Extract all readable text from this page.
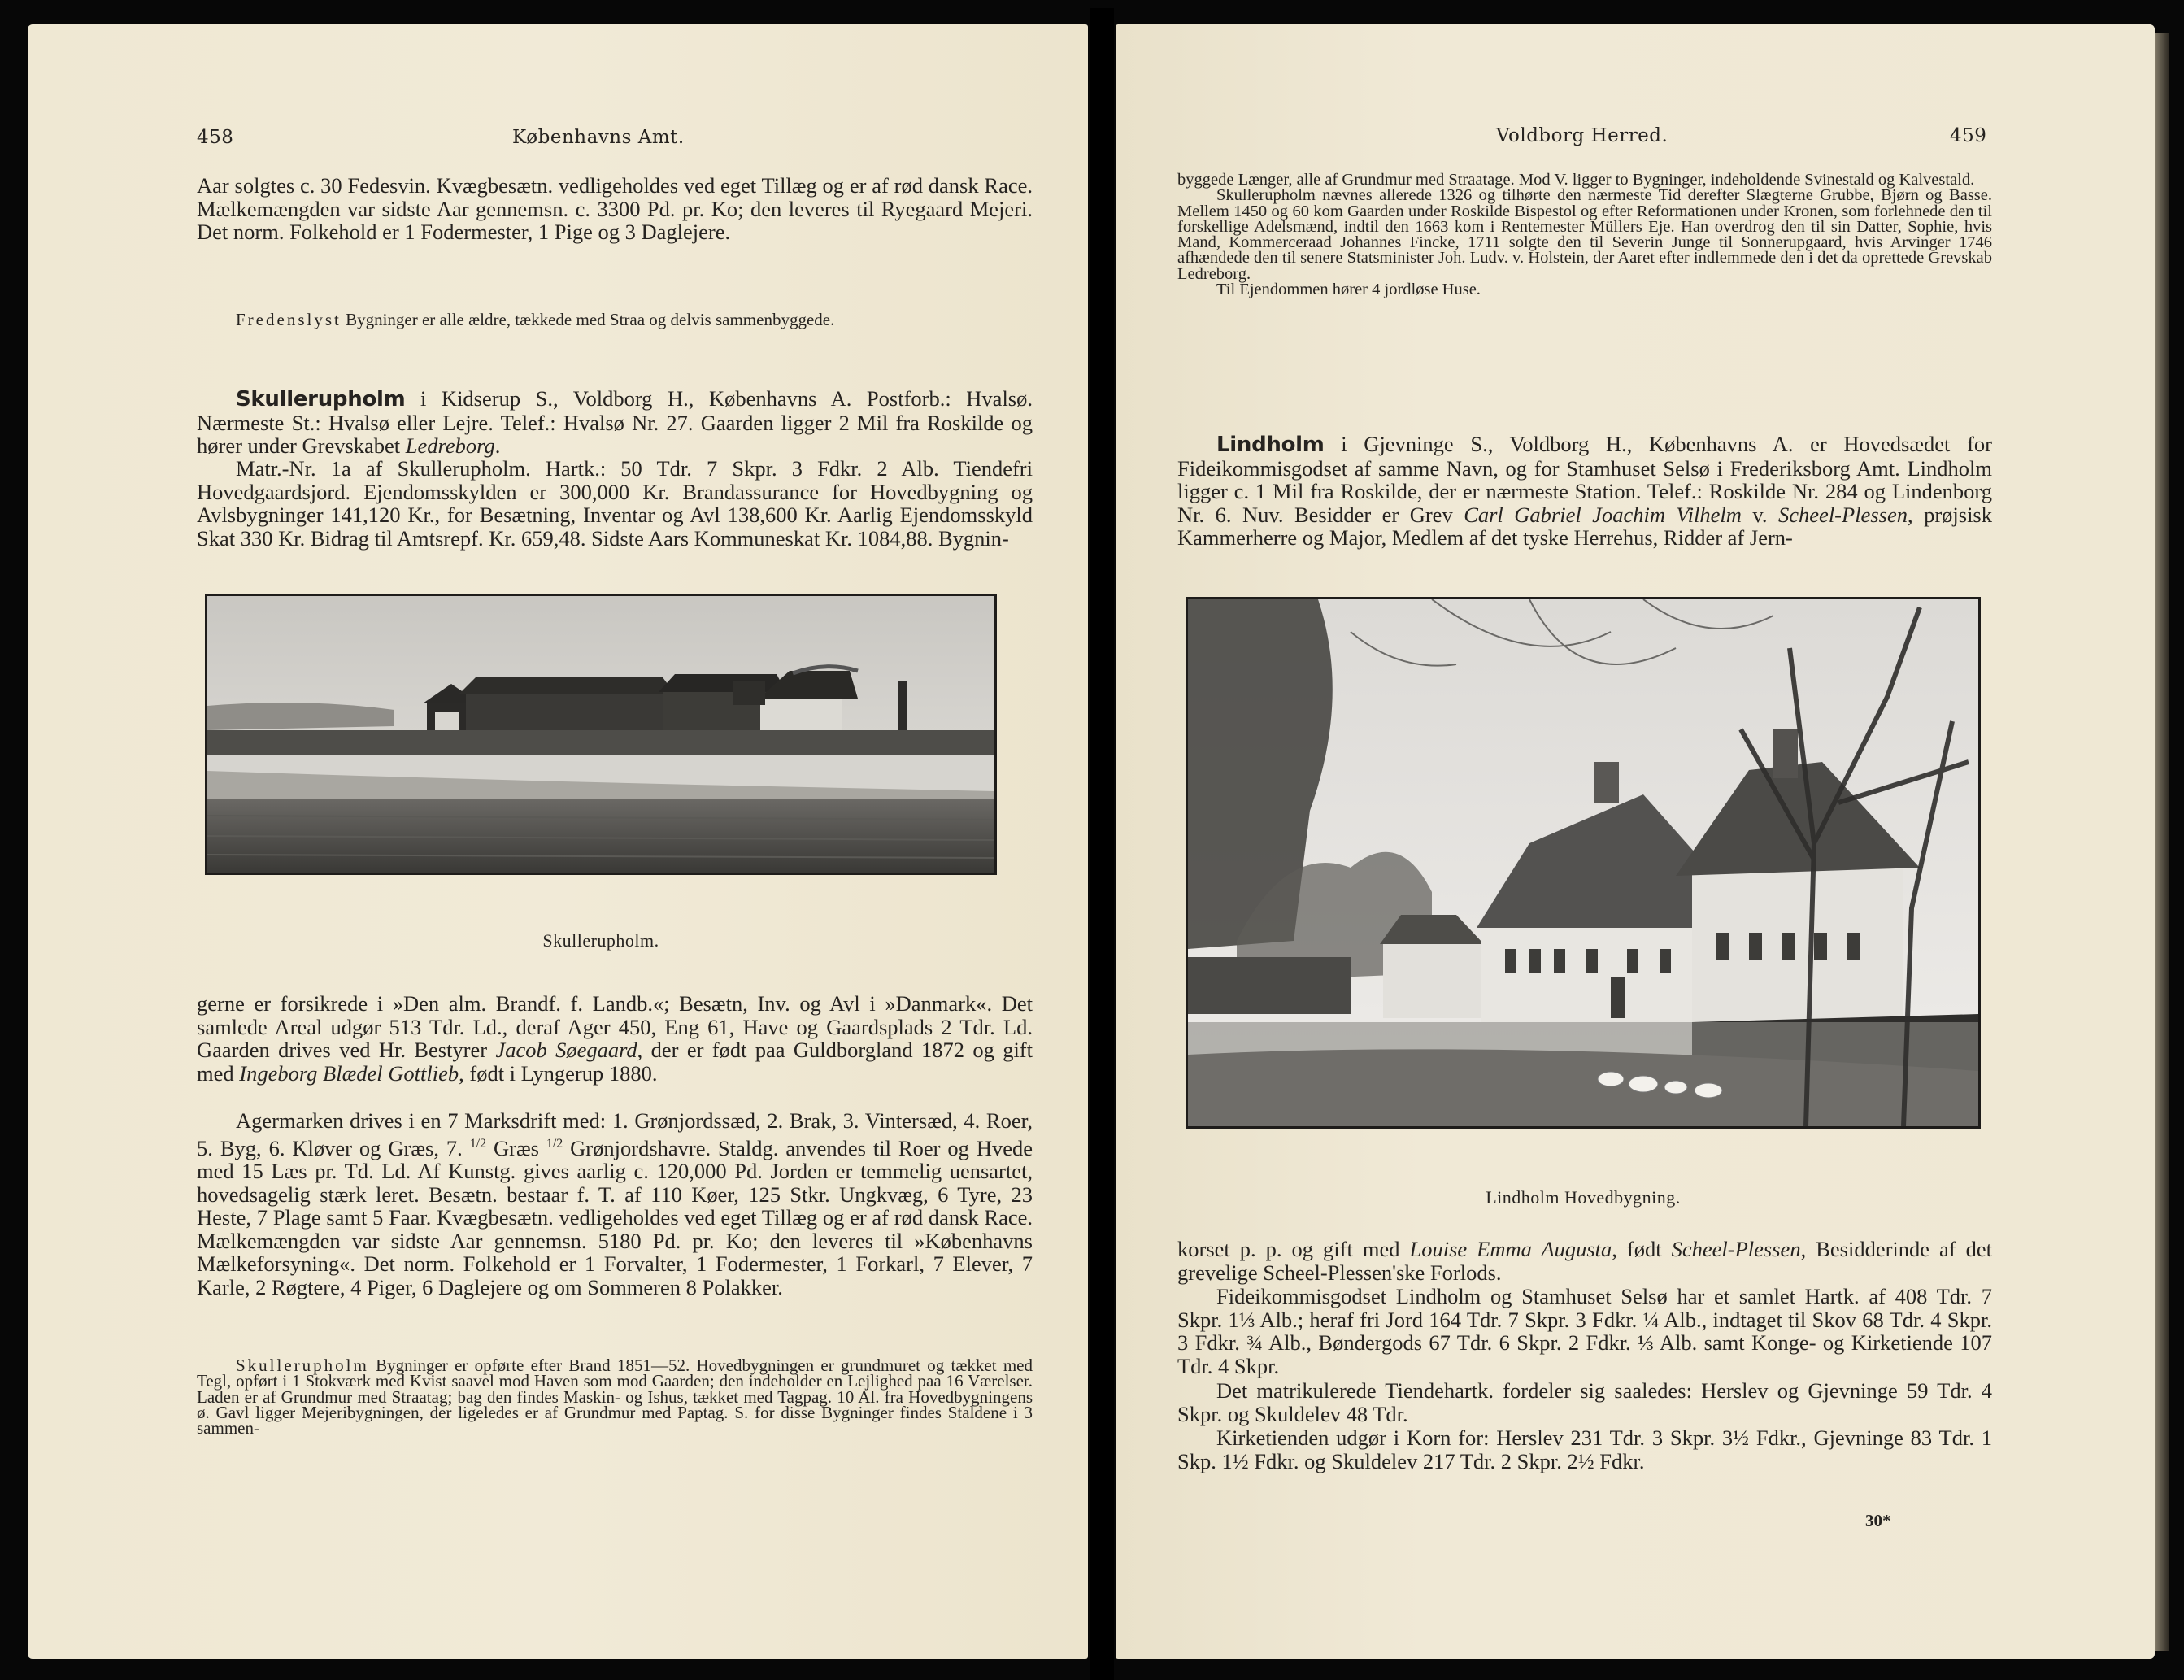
458	Københavns Amt.

Aar solgtes c. 30 Fedesvin. Kvægbesætn. vedligeholdes ved eget Tillæg og er af rød dansk Race. Mælkemængden var sidste Aar gennemsn. c. 3300 Pd. pr. Ko; den leveres til Ryegaard Mejeri. Det norm. Folkehold er 1 Fodermester, 1 Pige og 3 Daglejere.

Fredenslyst Bygninger er alle ældre, tækkede med Straa og delvis sammenbyggede.
Skullerupholm i Kidserup S., Voldborg H., Københavns A. Postforb.: Hvalsø. Nærmeste St.: Hvalsø eller Lejre. Telef.: Hvalsø Nr. 27. Gaarden ligger 2 Mil fra Roskilde og hører under Grevskabet Ledreborg.

Matr.-Nr. 1a af Skullerupholm. Hartk.: 50 Tdr. 7 Skpr. 3 Fdkr. 2 Alb. Tiendefri Hovedgaardsjord. Ejendomsskylden er 300,000 Kr. Brandassurance for Hovedbygning og Avlsbygninger 141,120 Kr., for Besætning, Inventar og Avl 138,600 Kr. Aarlig Ejendomsskyld Skat 330 Kr. Bidrag til Amtsrepf. Kr. 659,48. Sidste Aars Kommuneskat Kr. 1084,88. Bygnin-

Skullerupholm.
gerne er forsikrede i »Den alm. Brandf. f. Landb.«; Besætn, Inv. og Avl i »Danmark«. Det samlede Areal udgør 513 Tdr. Ld., deraf Ager 450, Eng 61, Have og Gaardsplads 2 Tdr. Ld. Gaarden drives ved Hr. Bestyrer Jacob Søegaard, der er født paa Guldborgland 1872 og gift med Ingeborg Blædel Gottlieb, født i Lyngerup 1880.
Agermarken drives i en 7 Marksdrift med: 1. Grønjordssæd, 2. Brak, 3. Vintersæd, 4. Roer, 5. Byg, 6. Kløver og Græs, 7. $^{1/2}$ Græs $^{1/2}$ Grønjordshavre. Staldg. anvendes til Roer og Hvede med 15 Læs pr. Td. Ld. Af Kunstg. gives aarlig c. 120,000 Pd. Jorden er temmelig uensartet, hovedsagelig stærk leret. Besætn. bestaar f. T. af 110 Køer, 125 Stkr. Ungkvæg, 6 Tyre, 23 Heste, 7 Plage samt 5 Faar. Kvægbesætn. vedligeholdes ved eget Tillæg og er af rød dansk Race. Mælkemængden var sidste Aar gennemsn. 5180 Pd. pr. Ko; den leveres til »Københavns Mælkeforsyning«. Det norm. Folkehold er 1 Forvalter, 1 Fodermester, 1 Forkarl, 7 Elever, 7 Karle, 2 Røgtere, 4 Piger, 6 Daglejere og om Sommeren 8 Polakker.
Skullerupholm Bygninger er opførte efter Brand 1851—52. Hovedbygningen er grundmuret og tækket med Tegl, opført i 1 Stokværk med Kvist saavel mod Haven som mod Gaarden; den indeholder en Lejlighed paa 16 Værelser. Laden er af Grundmur med Straatag; bag den findes Maskin- og Ishus, tækket med Tagpag. 10 Al. fra Hovedbygningens ø. Gavl ligger Mejeribygningen, der ligeledes er af Grundmur med Paptag. S. for disse Bygninger findes Staldene i 3 sammen-
Voldborg Herred.	459

byggede Længer, alle af Grundmur med Straatage. Mod V. ligger to Bygninger, indeholdende Svinestald og Kalvestald.

Skullerupholm nævnes allerede 1326 og tilhørte den nærmeste Tid derefter Slægterne Grubbe, Bjørn og Basse. Mellem 1450 og 60 kom Gaarden under Roskilde Bispestol og efter Reformationen under Kronen, som forlehnede den til forskellige Adelsmænd, indtil den 1663 kom i Rentemester Müllers Eje. Han overdrog den til sin Datter, Sophie, hvis Mand, Kommerceraad Johannes Fincke, 1711 solgte den til Severin Junge til Sonnerupgaard, hvis Arvinger 1746 afhændede den til senere Statsminister Joh. Ludv. v. Holstein, der Aaret efter indlemmede den i det da oprettede Grevskab Ledreborg.

Til Ejendommen hører 4 jordløse Huse.

Lindholm i Gjevninge S., Voldborg H., Københavns A. er Hovedsædet for Fideikommisgodset af samme Navn, og for Stamhuset Selsø i Frederiksborg Amt. Lindholm ligger c. 1 Mil fra Roskilde, der er nærmeste Station. Telef.: Roskilde Nr. 284 og Lindenborg Nr. 6. Nuv. Besidder er Grev Carl Gabriel Joachim Vilhelm v. Scheel-Plessen, prøjsisk Kammerherre og Major, Medlem af det tyske Herrehus, Ridder af Jern-
Lindholm Hovedbygning.
korset p. p. og gift med Louise Emma Augusta, født Scheel-Plessen, Besidderinde af det grevelige Scheel-Plessen'ske Forlods.

Fideikommisgodset Lindholm og Stamhuset Selsø har et samlet Hartk. af 408 Tdr. 7 Skpr. 1⅓ Alb.; heraf fri Jord 164 Tdr. 7 Skpr. 3 Fdkr. ¼ Alb., indtaget til Skov 68 Tdr. 4 Skpr. 3 Fdkr. ¾ Alb., Bøndergods 67 Tdr. 6 Skpr. 2 Fdkr. ⅓ Alb. samt Konge- og Kirketiende 107 Tdr. 4 Skpr.

Det matrikulerede Tiendehartk. fordeler sig saaledes: Herslev og Gjevninge 59 Tdr. 4 Skpr. og Skuldelev 48 Tdr.

Kirketienden udgør i Korn for: Herslev 231 Tdr. 3 Skpr. 3½ Fdkr., Gjevninge 83 Tdr. 1 Skp. 1½ Fdkr. og Skuldelev 217 Tdr. 2 Skpr. 2½ Fdkr.

30*
